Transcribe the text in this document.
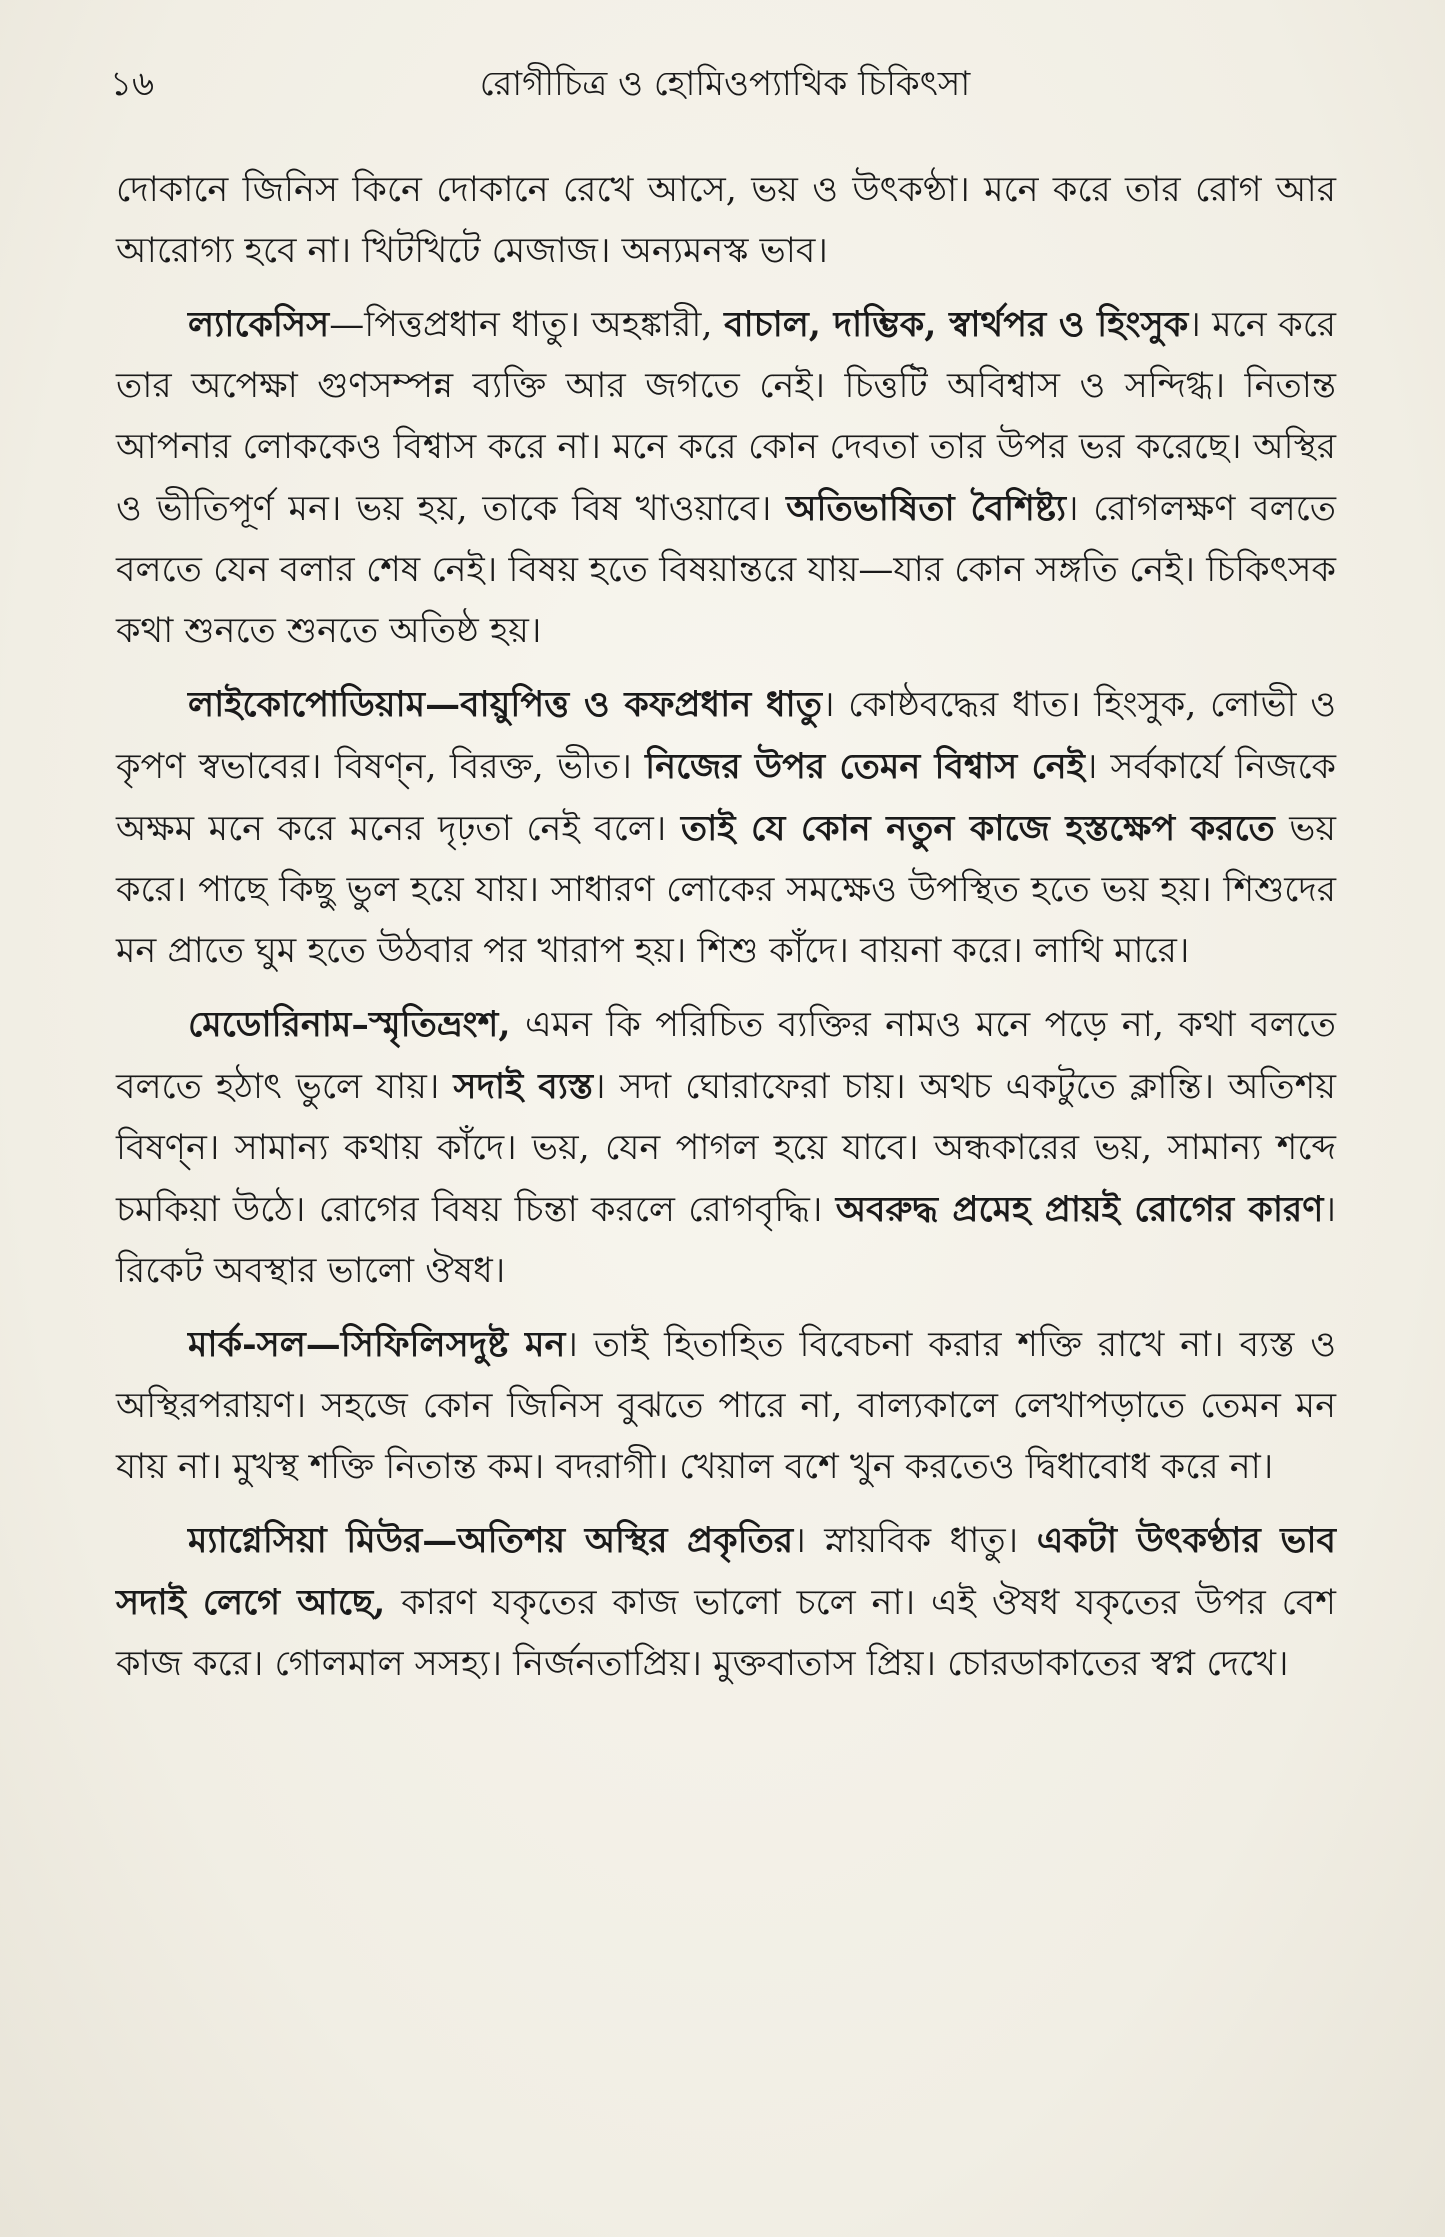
১৬	রোগীচিত্র ও হোমিওপ্যাথিক চিকিৎসা

দোকানে জিনিস কিনে দোকানে রেখে আসে, ভয় ও উৎকণ্ঠা। মনে করে তার রোগ আর আরোগ্য হবে না। খিটখিটে মেজাজ। অন্যমনস্ক ভাব।

ল্যাকেসিস—পিত্তপ্রধান ধাতু। অহঙ্কারী, বাচাল, দাম্ভিক, স্বার্থপর ও হিংসুক। মনে করে তার অপেক্ষা গুণসম্পন্ন ব্যক্তি আর জগতে নেই। চিত্তটি অবিশ্বাস ও সন্দিগ্ধ। নিতান্ত আপনার লোককেও বিশ্বাস করে না। মনে করে কোন দেবতা তার উপর ভর করেছে। অস্থির ও ভীতিপূর্ণ মন। ভয় হয়, তাকে বিষ খাওয়াবে। অতিভাষিতা বৈশিষ্ট্য। রোগলক্ষণ বলতে বলতে যেন বলার শেষ নেই। বিষয় হতে বিষয়ান্তরে যায়—যার কোন সঙ্গতি নেই। চিকিৎসক কথা শুনতে শুনতে অতিষ্ঠ হয়।

লাইকোপোডিয়াম—বায়ুপিত্ত ও কফপ্রধান ধাতু। কোষ্ঠবদ্ধের ধাত। হিংসুক, লোভী ও কৃপণ স্বভাবের। বিষণ্ন, বিরক্ত, ভীত। নিজের উপর তেমন বিশ্বাস নেই। সর্বকার্যে নিজকে অক্ষম মনে করে মনের দৃঢ়তা নেই বলে। তাই যে কোন নতুন কাজে হস্তক্ষেপ করতে ভয় করে। পাছে কিছু ভুল হয়ে যায়। সাধারণ লোকের সমক্ষেও উপস্থিত হতে ভয় হয়। শিশুদের মন প্রাতে ঘুম হতে উঠবার পর খারাপ হয়। শিশু কাঁদে। বায়না করে। লাথি মারে।

মেডোরিনাম–স্মৃতিভ্রংশ, এমন কি পরিচিত ব্যক্তির নামও মনে পড়ে না, কথা বলতে বলতে হঠাৎ ভুলে যায়। সদাই ব্যস্ত। সদা ঘোরাফেরা চায়। অথচ একটুতে ক্লান্তি। অতিশয় বিষণ্ন। সামান্য কথায় কাঁদে। ভয়, যেন পাগল হয়ে যাবে। অন্ধকারের ভয়, সামান্য শব্দে চমকিয়া উঠে। রোগের বিষয় চিন্তা করলে রোগবৃদ্ধি। অবরুদ্ধ প্রমেহ প্রায়ই রোগের কারণ। রিকেট অবস্থার ভালো ঔষধ।

মার্ক-সল—সিফিলিসদুষ্ট মন। তাই হিতাহিত বিবেচনা করার শক্তি রাখে না। ব্যস্ত ও অস্থিরপরায়ণ। সহজে কোন জিনিস বুঝতে পারে না, বাল্যকালে লেখাপড়াতে তেমন মন যায় না। মুখস্থ শক্তি নিতান্ত কম। বদরাগী। খেয়াল বশে খুন করতেও দ্বিধাবোধ করে না।

ম্যাগ্নেসিয়া মিউর—অতিশয় অস্থির প্রকৃতির। স্নায়বিক ধাতু। একটা উৎকণ্ঠার ভাব সদাই লেগে আছে, কারণ যকৃতের কাজ ভালো চলে না। এই ঔষধ যকৃতের উপর বেশ কাজ করে। গোলমাল সসহ্য। নির্জনতাপ্রিয়। মুক্তবাতাস প্রিয়। চোরডাকাতের স্বপ্ন দেখে।
